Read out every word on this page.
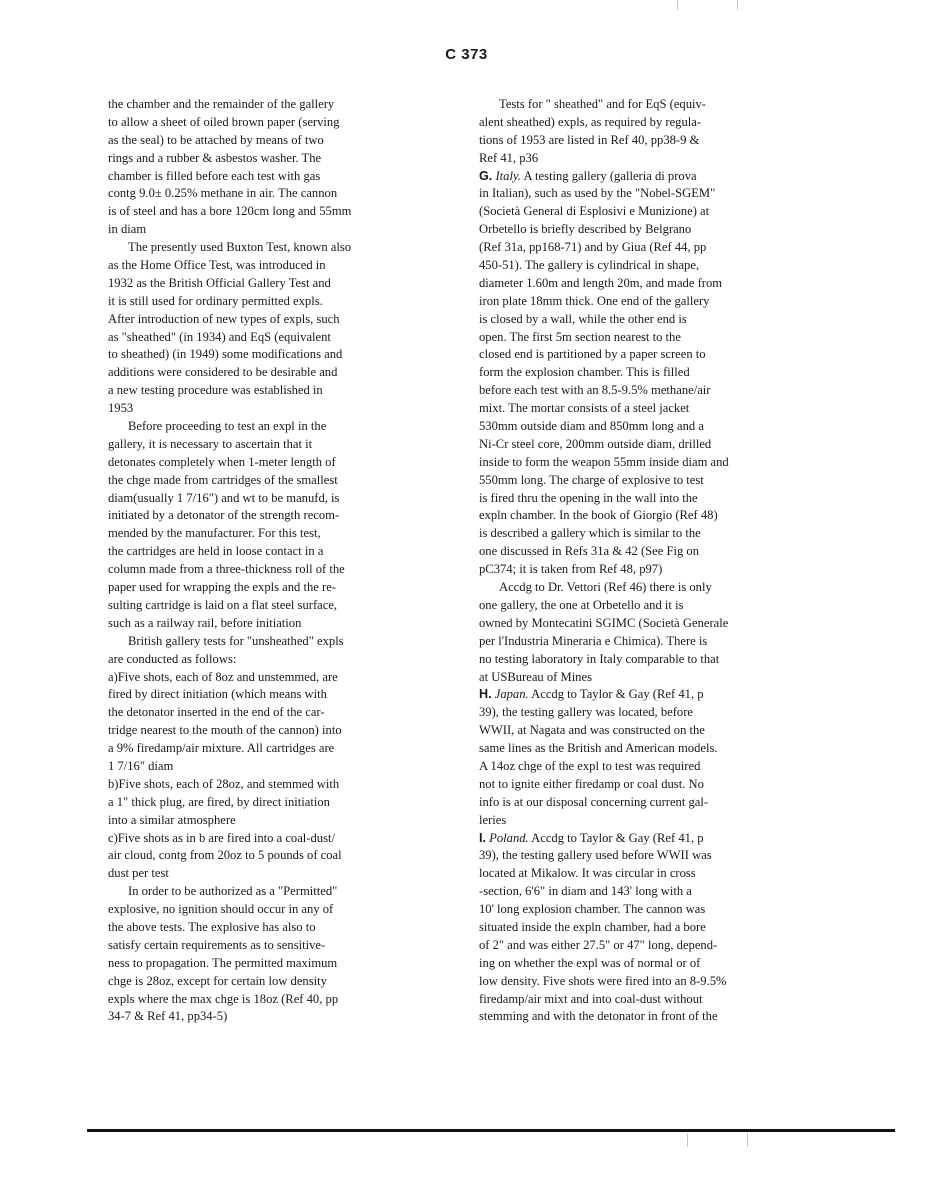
C 373
the chamber and the remainder of the gallery
to allow a sheet of oiled brown paper (serving
as the seal) to be attached by means of two
rings and a rubber & asbestos washer. The
chamber is filled before each test with gas
contg 9.0± 0.25% methane in air. The cannon
is of steel and has a bore 120cm long and 55mm
in diam
The presently used Buxton Test, known also
as the Home Office Test, was introduced in
1932 as the British Official Gallery Test and
it is still used for ordinary permitted expls.
After introduction of new types of expls, such
as "sheathed" (in 1934) and EqS (equivalent
to sheathed) (in 1949) some modifications and
additions were considered to be desirable and
a new testing procedure was established in
1953
Before proceeding to test an expl in the
gallery, it is necessary to ascertain that it
detonates completely when 1-meter length of
the chge made from cartridges of the smallest
diam(usually 1 7/16") and wt to be manufd, is
initiated by a detonator of the strength recom-
mended by the manufacturer. For this test,
the cartridges are held in loose contact in a
column made from a three-thickness roll of the
paper used for wrapping the expls and the re-
sulting cartridge is laid on a flat steel surface,
such as a railway rail, before initiation
British gallery tests for "unsheathed" expls
are conducted as follows:
a)Five shots, each of 8oz and unstemmed, are
fired by direct initiation (which means with
the detonator inserted in the end of the car-
tridge nearest to the mouth of the cannon) into
a 9% firedamp/air mixture. All cartridges are
1 7/16" diam
b)Five shots, each of 28oz, and stemmed with
a 1" thick plug, are fired, by direct initiation
into a similar atmosphere
c)Five shots as in b are fired into a coal-dust/
air cloud, contg from 20oz to 5 pounds of coal
dust per test
In order to be authorized as a "Permitted"
explosive, no ignition should occur in any of
the above tests. The explosive has also to
satisfy certain requirements as to sensitive-
ness to propagation. The permitted maximum
chge is 28oz, except for certain low density
expls where the max chge is 18oz (Ref 40, pp
34-7 & Ref 41, pp34-5)
Tests for " sheathed" and for EqS (equiv-
alent sheathed) expls, as required by regula-
tions of 1953 are listed in Ref 40, pp38-9 &
Ref 41, p36
G. Italy. A testing gallery (galleria di prova
in Italian), such as used by the "Nobel-SGEM"
(Società General di Esplosivi e Munizione) at
Orbetello is briefly described by Belgrano
(Ref 31a, pp168-71) and by Giua (Ref 44, pp
450-51). The gallery is cylindrical in shape,
diameter 1.60m and length 20m, and made from
iron plate 18mm thick. One end of the gallery
is closed by a wall, while the other end is
open. The first 5m section nearest to the
closed end is partitioned by a paper screen to
form the explosion chamber. This is filled
before each test with an 8.5-9.5% methane/air
mixt. The mortar consists of a steel jacket
530mm outside diam and 850mm long and a
Ni-Cr steel core, 200mm outside diam, drilled
inside to form the weapon 55mm inside diam and
550mm long. The charge of explosive to test
is fired thru the opening in the wall into the
expln chamber. In the book of Giorgio (Ref 48)
is described a gallery which is similar to the
one discussed in Refs 31a & 42 (See Fig on
pC374; it is taken from Ref 48, p97)
Accdg to Dr. Vettori (Ref 46) there is only
one gallery, the one at Orbetello and it is
owned by Montecatini SGIMC (Società Generale
per l'Industria Mineraria e Chimica). There is
no testing laboratory in Italy comparable to that
at USBureau of Mines
H. Japan. Accdg to Taylor & Gay (Ref 41, p
39), the testing gallery was located, before
WWII, at Nagata and was constructed on the
same lines as the British and American models.
A 14oz chge of the expl to test was required
not to ignite either firedamp or coal dust. No
info is at our disposal concerning current gal-
leries
I. Poland. Accdg to Taylor & Gay (Ref 41, p
39), the testing gallery used before WWII was
located at Mikalow. It was circular in cross
-section, 6'6" in diam and 143' long with a
10' long explosion chamber. The cannon was
situated inside the expln chamber, had a bore
of 2" and was either 27.5" or 47" long, depend-
ing on whether the expl was of normal or of
low density. Five shots were fired into an 8-9.5%
firedamp/air mixt and into coal-dust without
stemming and with the detonator in front of the
